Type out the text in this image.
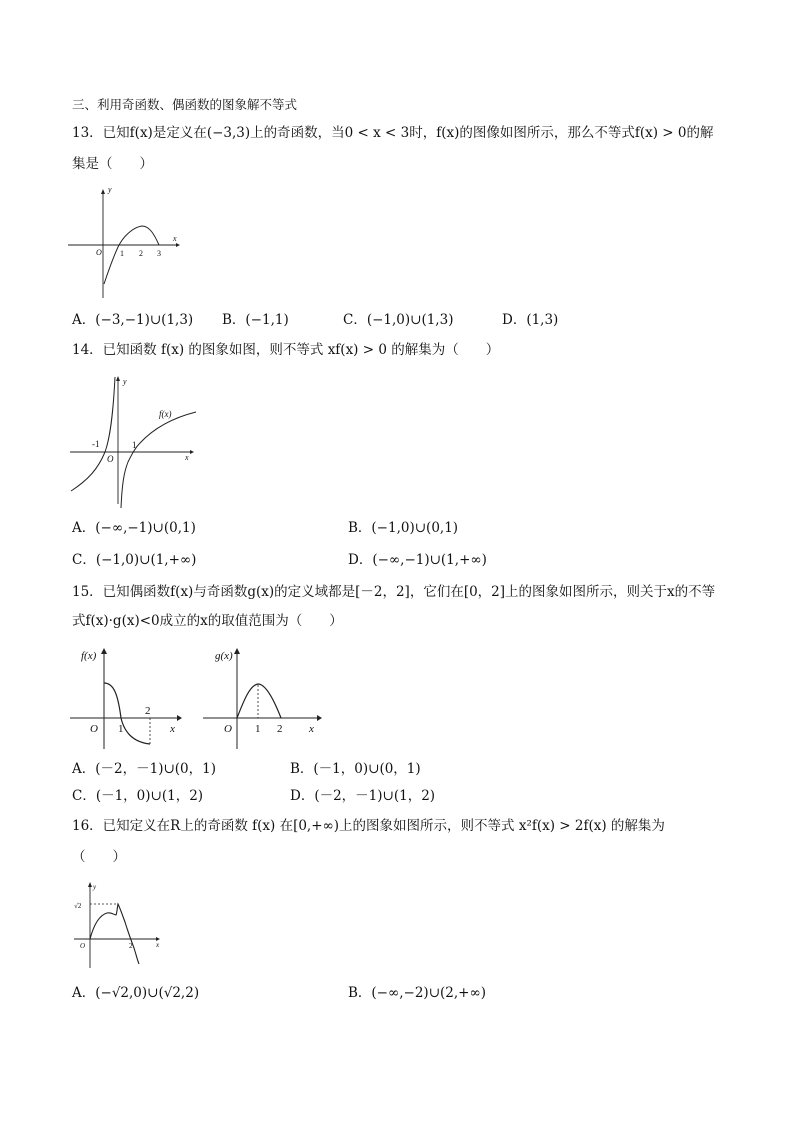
三、利用奇函数、偶函数的图象解不等式
13．已知f(x)是定义在(−3,3)上的奇函数，当0 < x < 3时，f(x)的图像如图所示，那么不等式f(x) > 0的解
集是（　　）
y
x
O 1 2 3
A．(−3,−1)∪(1,3) B．(−1,1)	C．(−1,0)∪(1,3)	D．(1,3)
14．已知函数 f(x) 的图象如图，则不等式 xf(x) > 0 的解集为（　　）
y
x
O
f(x)
-1	1
A．(−∞,−1)∪(0,1)	B．(−1,0)∪(0,1)
C．(−1,0)∪(1,+∞)	D．(−∞,−1)∪(1,+∞)
15．已知偶函数f(x)与奇函数g(x)的定义域都是[－2，2]，它们在[0，2]上的图象如图所示，则关于x的不等
式f(x)·g(x)<0成立的x的取值范围为（　　）
f(x)
x
O 1
2
g(x)
x
O 1 2
A．(－2，－1)∪(0，1)	B．(－1，0)∪(0，1)
C．(－1，0)∪(1，2)	D．(－2，－1)∪(1，2)
16．已知定义在R上的奇函数 f(x) 在[0,+∞)上的图象如图所示，则不等式 x²f(x) > 2f(x) 的解集为
（　　）
y
x
O
√2
2
A．(−√2,0)∪(√2,2)	B．(−∞,−2)∪(2,+∞)
